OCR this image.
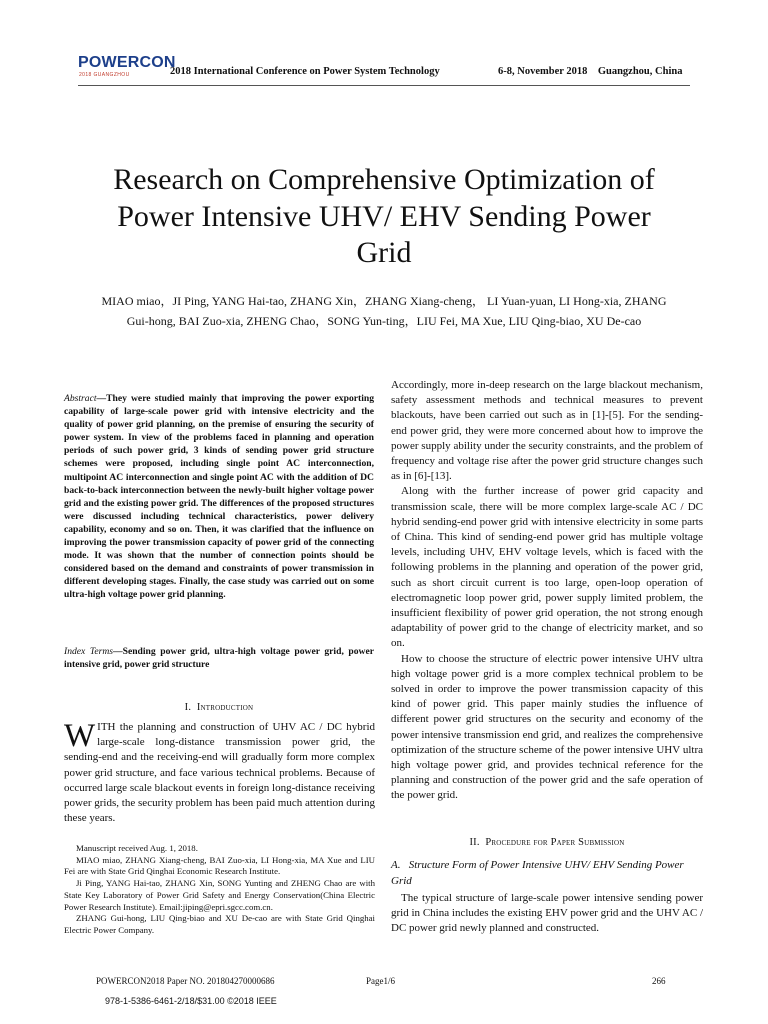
POWERCON
2018 GUANGZHOU	2018 International Conference on Power System Technology	6-8, November 2018    Guangzhou, China
Research on Comprehensive Optimization of Power Intensive UHV/ EHV Sending Power Grid
MIAO miao，JI Ping, YANG Hai-tao, ZHANG Xin，ZHANG Xiang-cheng， LI Yuan-yuan, LI Hong-xia, ZHANG Gui-hong, BAI Zuo-xia, ZHENG Chao，SONG Yun-ting，LIU Fei, MA Xue, LIU Qing-biao, XU De-cao
Abstract—They were studied mainly that improving the power exporting capability of large-scale power grid with intensive electricity and the quality of power grid planning, on the premise of ensuring the security of power system. In view of the problems faced in planning and operation periods of such power grid, 3 kinds of sending power grid structure schemes were proposed, including single point AC interconnection, multipoint AC interconnection and single point AC with the addition of DC back-to-back interconnection between the newly-built higher voltage power grid and the existing power grid. The differences of the proposed structures were discussed including technical characteristics, power delivery capability, economy and so on. Then, it was clarified that the influence on improving the power transmission capacity of power grid of the connecting mode. It was shown that the number of connection points should be considered based on the demand and constraints of power transmission in different developing stages. Finally, the case study was carried out on some ultra-high voltage power grid planning.
Index Terms—Sending power grid, ultra-high voltage power grid, power intensive grid, power grid structure
I. Introduction
WITH the planning and construction of UHV AC / DC hybrid large-scale long-distance transmission power grid, the sending-end and the receiving-end will gradually form more complex power grid structure, and face various technical problems. Because of occurred large scale blackout events in foreign long-distance receiving power grids, the security problem has been paid much attention during these years.

Manuscript received Aug. 1, 2018.

MIAO miao, ZHANG Xiang-cheng, BAI Zuo-xia, LI Hong-xia, MA Xue and LIU Fei are with State Grid Qinghai Economic Research Institute.

Ji Ping, YANG Hai-tao, ZHANG Xin, SONG Yunting and ZHENG Chao are with State Key Laboratory of Power Grid Safety and Energy Conservation(China Electric Power Research Institute). Email:jiping@epri.sgcc.com.cn.

ZHANG Gui-hong, LIU Qing-biao and XU De-cao are with State Grid Qinghai Electric Power Company.

Accordingly, more in-deep research on the large blackout mechanism, safety assessment methods and technical measures to prevent blackouts, have been carried out such as in [1]-[5]. For the sending-end power grid, they were more concerned about how to improve the power supply ability under the security constraints, and the problem of frequency and voltage rise after the power grid structure changes such as in [6]-[13].

Along with the further increase of power grid capacity and transmission scale, there will be more complex large-scale AC / DC hybrid sending-end power grid with intensive electricity in some parts of China. This kind of sending-end power grid has multiple voltage levels, including UHV, EHV voltage levels, which is faced with the following problems in the planning and operation of the power grid, such as short circuit current is too large, open-loop operation of electromagnetic loop power grid, power supply limited problem, the insufficient flexibility of power grid operation, the not strong enough adaptability of power grid to the change of electricity market, and so on.

How to choose the structure of electric power intensive UHV ultra high voltage power grid is a more complex technical problem to be solved in order to improve the power transmission capacity of this kind of power grid. This paper mainly studies the influence of different power grid structures on the security and economy of the power intensive transmission end grid, and realizes the comprehensive optimization of the structure scheme of the power intensive UHV ultra high voltage power grid, and provides technical reference for the planning and construction of the power grid and the safe operation of the power grid.

II. Procedure for Paper Submission
A.   Structure Form of Power Intensive UHV/ EHV Sending Power Grid
The typical structure of large-scale power intensive sending power grid in China includes the existing EHV power grid and the UHV AC / DC power grid newly planned and constructed.
POWERCON2018 Paper NO. 201804270000686	Page1/6	266
978-1-5386-6461-2/18/$31.00 ©2018 IEEE
